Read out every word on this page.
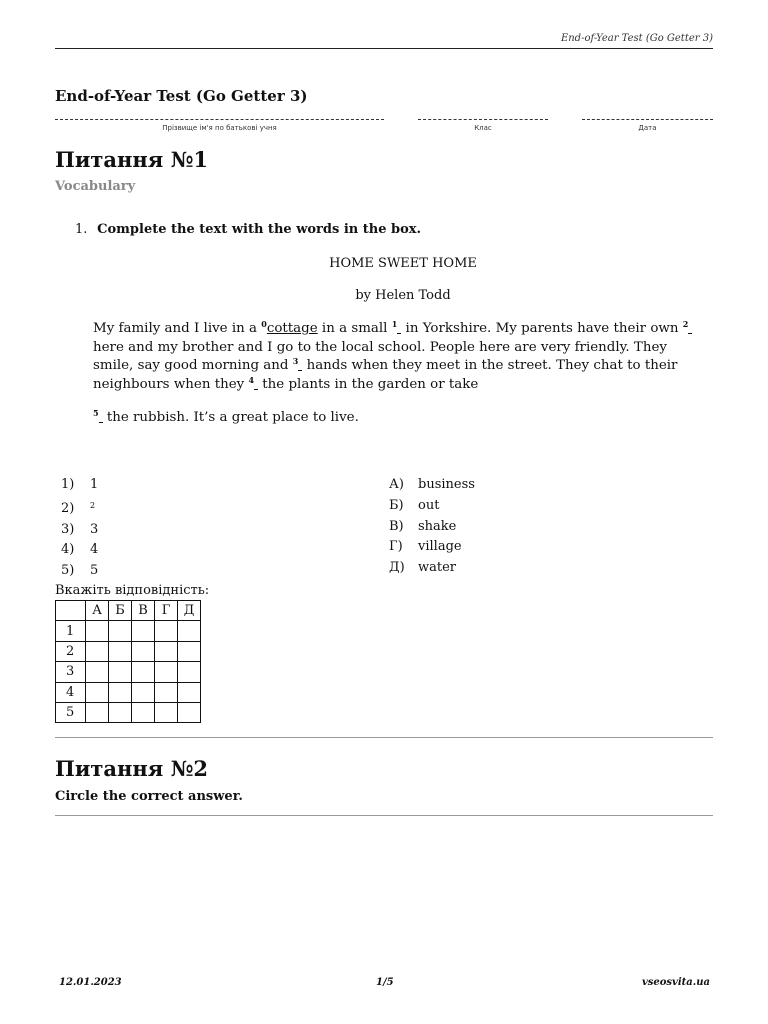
End-of-Year Test (Go Getter 3)
End-of-Year Test (Go Getter 3)
Прізвище ім'я по батькові учня	Клас	Дата
Питання №1
Vocabulary
1. Complete the text with the words in the box.
HOME SWEET HOME
by Helen Todd

My family and I live in a $^0$cottage in a small $^1$ in Yorkshire. My parents have their own $^2$ here and my brother and I go to the local school. People here are very friendly. They smile, say good morning and $^3$ hands when they meet in the street. They chat to their neighbours when they $^4$ the plants in the garden or take

$^5$ the rubbish. It’s a great place to live.

1) 1
2) $^2$
3) 3
4) 4
5) 5
А) business
Б) out
В) shake
Г) village
Д) water
Вкажіть відповідність:
	А	Б	В	Г	Д
1					
2					
3					
4					
5					
Питання №2
Circle the correct answer.
12.01.2023	1/5	vseosvita.ua
